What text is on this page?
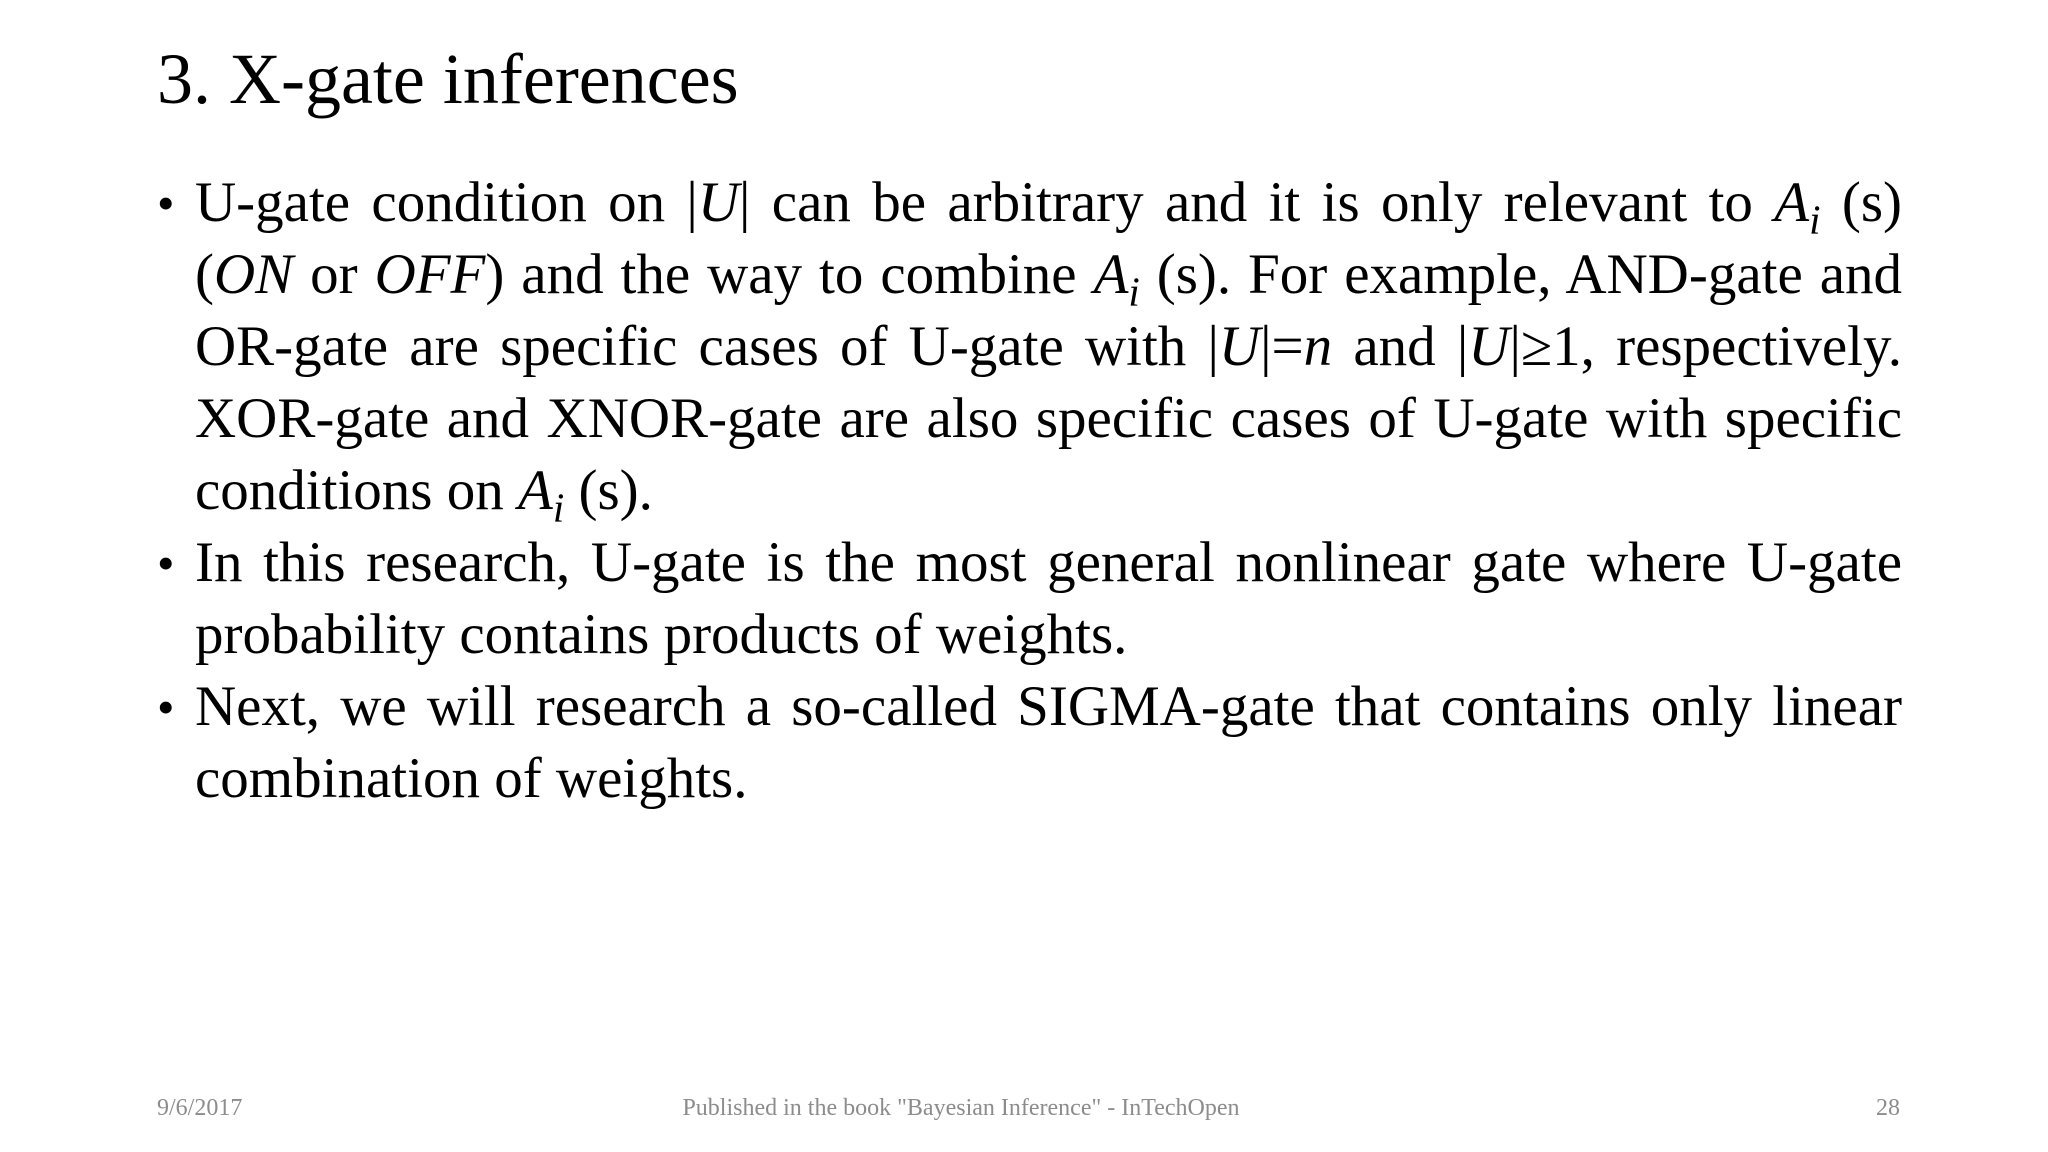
3. X-gate inferences
• U-gate condition on |U| can be arbitrary and it is only relevant to $A_i$ (s) (ON or OFF) and the way to combine $A_i$ (s). For example, AND-gate and OR-gate are specific cases of U-gate with |U|=n and |U|≥1, respectively. XOR-gate and XNOR-gate are also specific cases of U-gate with specific conditions on $A_i$ (s).
• In this research, U-gate is the most general nonlinear gate where U-gate probability contains products of weights.
• Next, we will research a so-called SIGMA-gate that contains only linear combination of weights.
9/6/2017	Published in the book "Bayesian Inference" - InTechOpen	28
